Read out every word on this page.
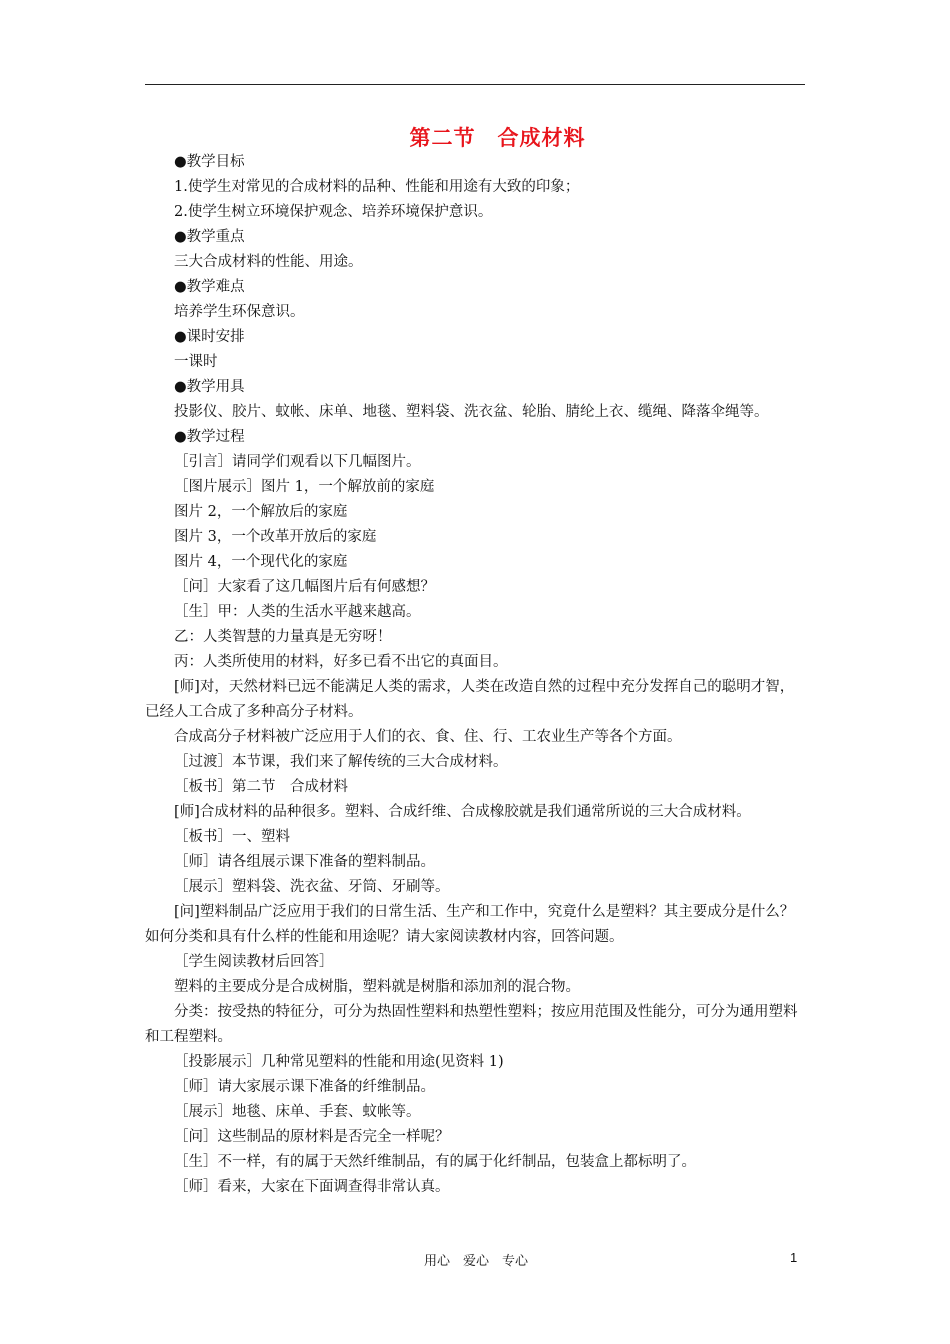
第二节　合成材料

●教学目标

1.使学生对常见的合成材料的品种、性能和用途有大致的印象；

2.使学生树立环境保护观念、培养环境保护意识。

●教学重点

三大合成材料的性能、用途。

●教学难点

培养学生环保意识。

●课时安排

一课时

●教学用具

投影仪、胶片、蚊帐、床单、地毯、塑料袋、洗衣盆、轮胎、腈纶上衣、缆绳、降落伞绳等。

●教学过程

［引言］请同学们观看以下几幅图片。

［图片展示］图片 1，一个解放前的家庭

图片 2，一个解放后的家庭

图片 3，一个改革开放后的家庭

图片 4，一个现代化的家庭

［问］大家看了这几幅图片后有何感想？

［生］甲：人类的生活水平越来越高。

乙：人类智慧的力量真是无穷呀！

丙：人类所使用的材料，好多已看不出它的真面目。

[师]对，天然材料已远不能满足人类的需求，人类在改造自然的过程中充分发挥自己的聪明才智，已经人工合成了多种高分子材料。

合成高分子材料被广泛应用于人们的衣、食、住、行、工农业生产等各个方面。

［过渡］本节课，我们来了解传统的三大合成材料。

［板书］第二节　合成材料

[师]合成材料的品种很多。塑料、合成纤维、合成橡胶就是我们通常所说的三大合成材料。

［板书］一、塑料

［师］请各组展示课下准备的塑料制品。

［展示］塑料袋、洗衣盆、牙筒、牙刷等。

[问]塑料制品广泛应用于我们的日常生活、生产和工作中，究竟什么是塑料？其主要成分是什么？如何分类和具有什么样的性能和用途呢？请大家阅读教材内容，回答问题。

［学生阅读教材后回答］

塑料的主要成分是合成树脂，塑料就是树脂和添加剂的混合物。

分类：按受热的特征分，可分为热固性塑料和热塑性塑料；按应用范围及性能分，可分为通用塑料和工程塑料。

［投影展示］几种常见塑料的性能和用途(见资料 1)

［师］请大家展示课下准备的纤维制品。

［展示］地毯、床单、手套、蚊帐等。

［问］这些制品的原材料是否完全一样呢？

［生］不一样，有的属于天然纤维制品，有的属于化纤制品，包装盒上都标明了。

［师］看来，大家在下面调查得非常认真。

用心　爱心　专心	1
